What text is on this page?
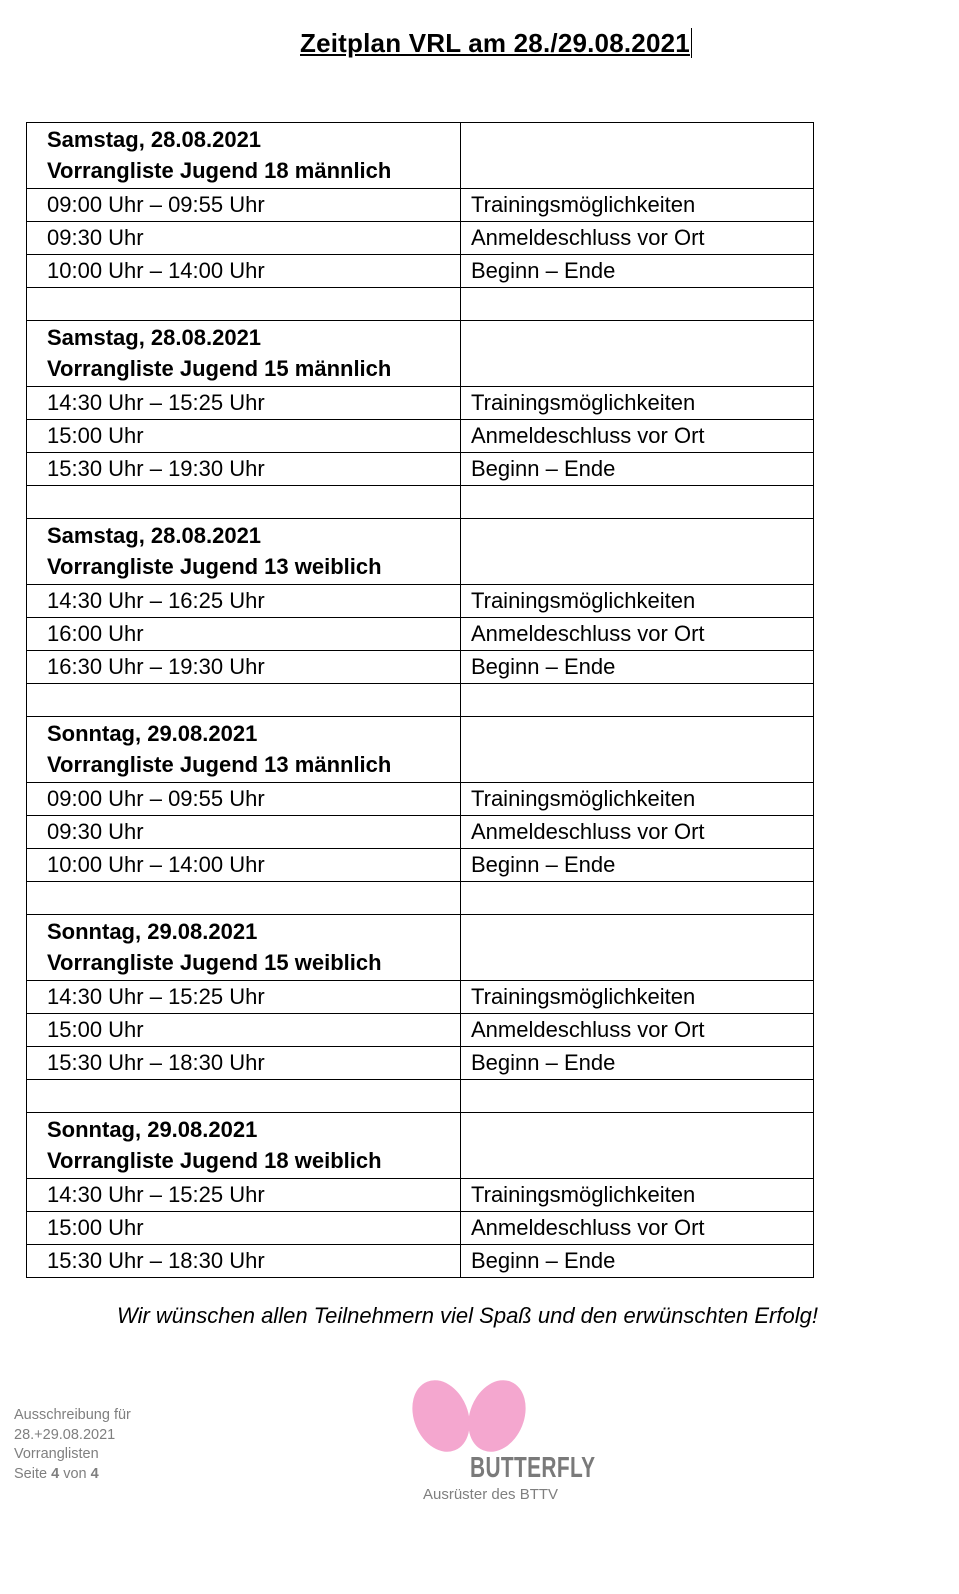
Zeitplan VRL am 28./29.08.2021
Samstag, 28.08.2021
Vorrangliste Jugend 18 männlich	

09:00 Uhr – 09:55 Uhr	Trainingsmöglichkeiten
09:30 Uhr	Anmeldeschluss vor Ort
10:00 Uhr – 14:00 Uhr	Beginn – Ende

Samstag, 28.08.2021
Vorrangliste Jugend 15 männlich	

14:30 Uhr – 15:25 Uhr	Trainingsmöglichkeiten
15:00 Uhr	Anmeldeschluss vor Ort
15:30 Uhr – 19:30 Uhr	Beginn – Ende

Samstag, 28.08.2021
Vorrangliste Jugend 13 weiblich	

14:30 Uhr – 16:25 Uhr	Trainingsmöglichkeiten
16:00 Uhr	Anmeldeschluss vor Ort
16:30 Uhr – 19:30 Uhr	Beginn – Ende

Sonntag, 29.08.2021
Vorrangliste Jugend 13 männlich	

09:00 Uhr – 09:55 Uhr	Trainingsmöglichkeiten
09:30 Uhr	Anmeldeschluss vor Ort
10:00 Uhr – 14:00 Uhr	Beginn – Ende

Sonntag, 29.08.2021
Vorrangliste Jugend 15 weiblich	

14:30 Uhr – 15:25 Uhr	Trainingsmöglichkeiten
15:00 Uhr	Anmeldeschluss vor Ort
15:30 Uhr – 18:30 Uhr	Beginn – Ende

Sonntag, 29.08.2021
Vorrangliste Jugend 18 weiblich	

14:30 Uhr – 15:25 Uhr	Trainingsmöglichkeiten
15:00 Uhr	Anmeldeschluss vor Ort
15:30 Uhr – 18:30 Uhr	Beginn – Ende
Wir wünschen allen Teilnehmern viel Spaß und den erwünschten Erfolg!
Ausschreibung für
28.+29.08.2021
Vorranglisten
Seite 4 von 4	BUTTERFLY
Ausrüster des BTTV
